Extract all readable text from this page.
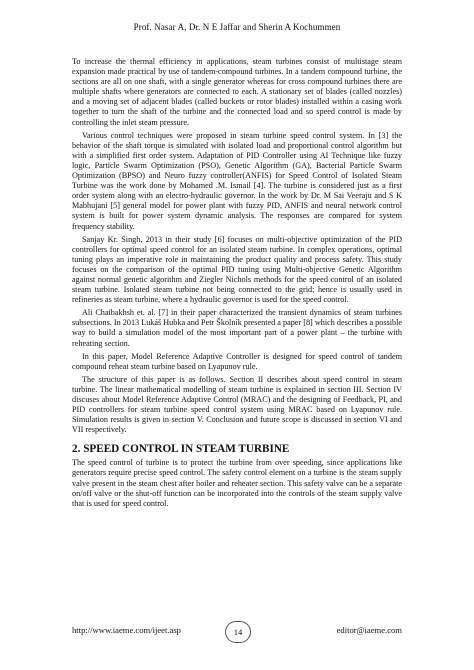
Prof. Nasar A, Dr. N E Jaffar and Sherin A Kochummen

To increase the thermal efficiency in applications, steam turbines consist of multistage steam expansion made practical by use of tandem-compound turbines. In a tandem compound turbine, the sections are all on one shaft, with a single generator whereas for cross compound turbines there are multiple shafts where generators are connected to each. A stationary set of blades (called nozzles) and a moving set of adjacent blades (called buckets or rotor blades) installed within a casing work together to turn the shaft of the turbine and the connected load and so speed control is made by controlling the inlet steam pressure.

Various control techniques were proposed in steam turbine speed control system. In [3] the behavior of the shaft torque is simulated with isolated load and proportional control algorithm but with a simplified first order system. Adaptation of PID Controller using AI Technique like fuzzy logic, Particle Swarm Optimization (PSO), Genetic Algorithm (GA), Bacterial Particle Swarm Optimization (BPSO) and Neuro fuzzy controller(ANFIS) for Speed Control of Isolated Steam Turbine was the work done by Mohamed .M. Ismail [4]. The turbine is considered just as a first order system along with an electro-hydraulic governor. In the work by Dr. M Sai Veeraju and S K Mabhujani [5] general model for power plant with fuzzy PID, ANFIS and neural network control system is built for power system dynamic analysis. The responses are compared for system frequency stability.

Sanjay Kr. Singh, 2013 in their study [6] focuses on multi-objective optimization of the PID controllers for optimal speed control for an isolated steam turbine. In complex operations, optimal tuning plays an imperative role in maintaining the product quality and process safety. This study focuses on the comparison of the optimal PID tuning using Multi-objective Genetic Algorithm against normal genetic algorithm and Ziegler Nichols methods for the speed control of an isolated steam turbine. Isolated steam turbine not being connected to the grid; hence is usually used in refineries as steam turbine, where a hydraulic governor is used for the speed control.

Ali Chaibakhsh et. al. [7] in their paper characterized the transient dynamics of steam turbines subsections. In 2013 Lukáš Hubka and Petr Školník presented a paper [8] which describes a possible way to build a simulation model of the most important part of a power plant – the turbine with reheating section.

In this paper, Model Reference Adaptive Controller is designed for speed control of tandem compound reheat steam turbine based on Lyapunov rule.

The structure of this paper is as follows. Section II describes about speed control in steam turbine. The linear mathematical modelling of steam turbine is explained in section III. Section IV discuses about Model Reference Adaptive Control (MRAC) and the designing of Feedback, PI, and PID controllers for steam turbine speed control system using MRAC based on Lyapunov rule. Simulation results is given in section V. Conclusion and future scope is discussed in section VI and VII respectively.

2. SPEED CONTROL IN STEAM TURBINE

The speed control of turbine is to protect the turbine from over speeding, since applications like generators require precise speed control. The safety control element on a turbine is the steam supply valve present in the steam chest after boiler and reheater section. This safety valve can be a separate on/off valve or the shut-off function can be incorporated into the controls of the steam supply valve that is used for speed control.

http://www.iaeme.com/ijeet.asp	14	editor@iaeme.com
